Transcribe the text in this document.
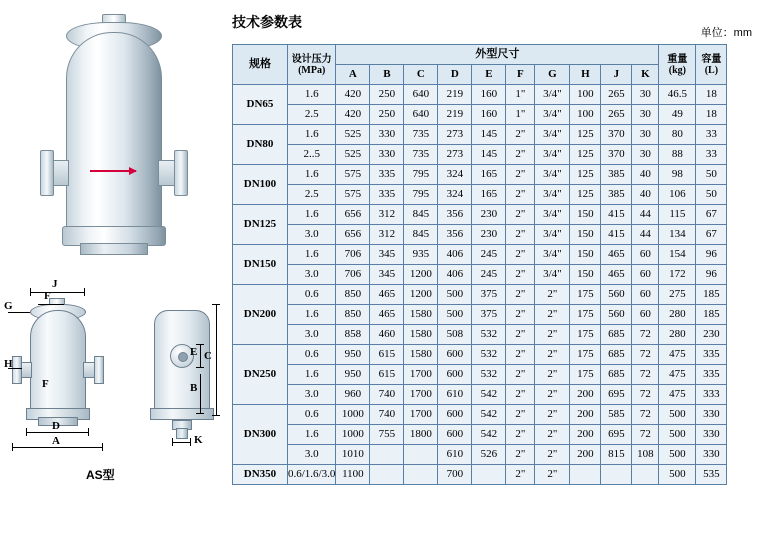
J
G
F
H
F
D
A
C
E
B
K
AS型
技术参数表
单位：mm
规格	设计压力
(MPa)
	外型尺寸	重量
(kg)

容量
(L)

		A	B	C	D	E	F	G	H	J	K		
DN65	1.6	420	250	640	219	160	1"	3/4"	100	265	30	46.5	18
	2.5	420	250	640	219	160	1"	3/4"	100	265	30	49	18
DN80	1.6	525	330	735	273	145	2"	3/4"	125	370	30	80	33
	2..5	525	330	735	273	145	2"	3/4"	125	370	30	88	33
DN100	1.6	575	335	795	324	165	2"	3/4"	125	385	40	98	50
	2.5	575	335	795	324	165	2"	3/4"	125	385	40	106	50
DN125	1.6	656	312	845	356	230	2"	3/4"	150	415	44	115	67
	3.0	656	312	845	356	230	2"	3/4"	150	415	44	134	67
DN150	1.6	706	345	935	406	245	2"	3/4"	150	465	60	154	96
	3.0	706	345	1200	406	245	2"	3/4"	150	465	60	172	96
DN200	0.6	850	465	1200	500	375	2"	2"	175	560	60	275	185
	1.6	850	465	1580	500	375	2"	2"	175	560	60	280	185
	3.0	858	460	1580	508	532	2"	2"	175	685	72	280	230
DN250	0.6	950	615	1580	600	532	2"	2"	175	685	72	475	335
	1.6	950	615	1700	600	532	2"	2"	175	685	72	475	335
	3.0	960	740	1700	610	542	2"	2"	200	695	72	475	333
DN300	0.6	1000	740	1700	600	542	2"	2"	200	585	72	500	330
	1.6	1000	755	1800	600	542	2"	2"	200	695	72	500	330
	3.0	1010			610	526	2"	2"	200	815	108	500	330
DN350	0.6/1.6/3.0	1100			700		2"	2"				500	535
